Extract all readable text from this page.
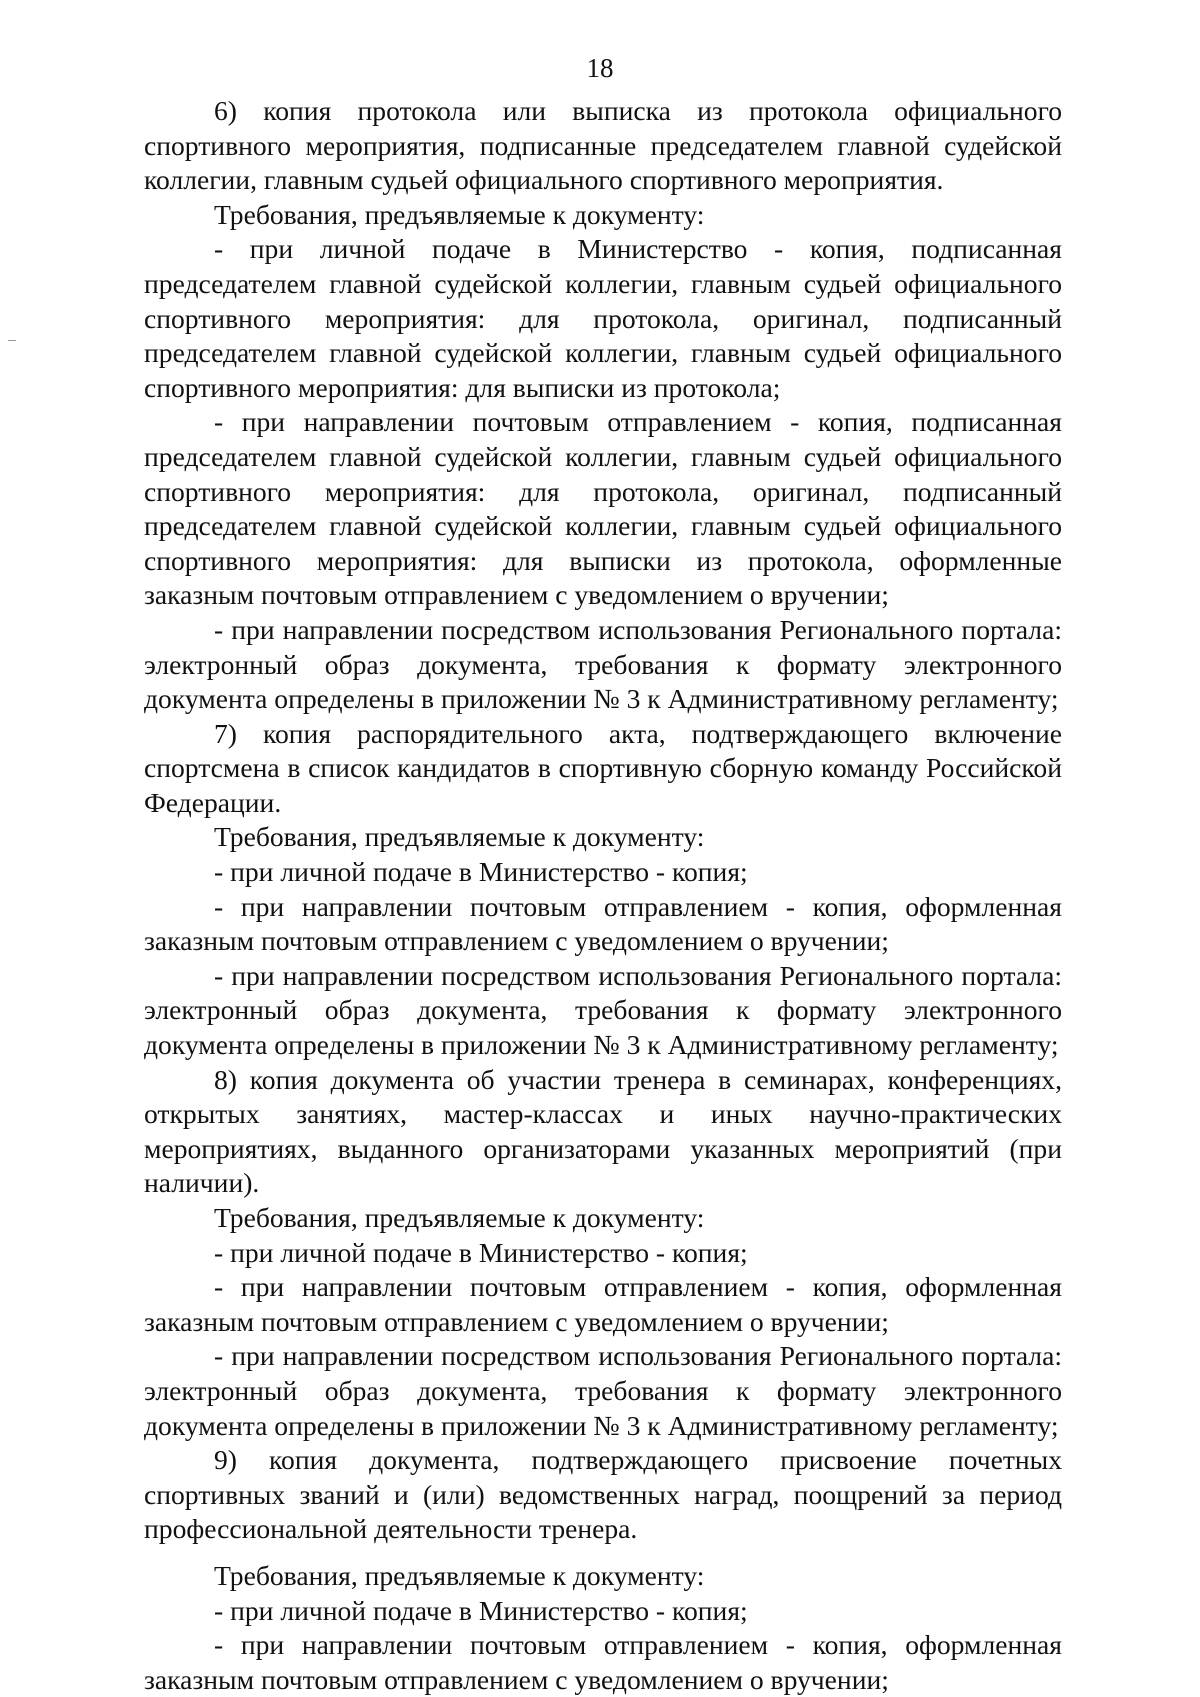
18

6) копия протокола или выписка из протокола официального спортивного мероприятия, подписанные председателем главной судейской коллегии, главным судьей официального спортивного мероприятия.

Требования, предъявляемые к документу:

- при личной подаче в Министерство - копия, подписанная председателем главной судейской коллегии, главным судьей официального спортивного мероприятия: для протокола, оригинал, подписанный председателем главной судейской коллегии, главным судьей официального спортивного мероприятия: для выписки из протокола;

- при направлении почтовым отправлением - копия, подписанная председателем главной судейской коллегии, главным судьей официального спортивного мероприятия: для протокола, оригинал, подписанный председателем главной судейской коллегии, главным судьей официального спортивного мероприятия: для выписки из протокола, оформленные заказным почтовым отправлением с уведомлением о вручении;

- при направлении посредством использования Регионального портала: электронный образ документа, требования к формату электронного документа определены в приложении № 3 к Административному регламенту;

7) копия распорядительного акта, подтверждающего включение спортсмена в список кандидатов в спортивную сборную команду Российской Федерации.

Требования, предъявляемые к документу:

- при личной подаче в Министерство - копия;

- при направлении почтовым отправлением - копия, оформленная заказным почтовым отправлением с уведомлением о вручении;

- при направлении посредством использования Регионального портала: электронный образ документа, требования к формату электронного документа определены в приложении № 3 к Административному регламенту;

8) копия документа об участии тренера в семинарах, конференциях, открытых занятиях, мастер-классах и иных научно-практических мероприятиях, выданного организаторами указанных мероприятий (при наличии).

Требования, предъявляемые к документу:

- при личной подаче в Министерство - копия;

- при направлении почтовым отправлением - копия, оформленная заказным почтовым отправлением с уведомлением о вручении;

- при направлении посредством использования Регионального портала: электронный образ документа, требования к формату электронного документа определены в приложении № 3 к Административному регламенту;

9) копия документа, подтверждающего присвоение почетных спортивных званий и (или) ведомственных наград, поощрений за период профессиональной деятельности тренера.

Требования, предъявляемые к документу:

- при личной подаче в Министерство - копия;

- при направлении почтовым отправлением - копия, оформленная заказным почтовым отправлением с уведомлением о вручении;
